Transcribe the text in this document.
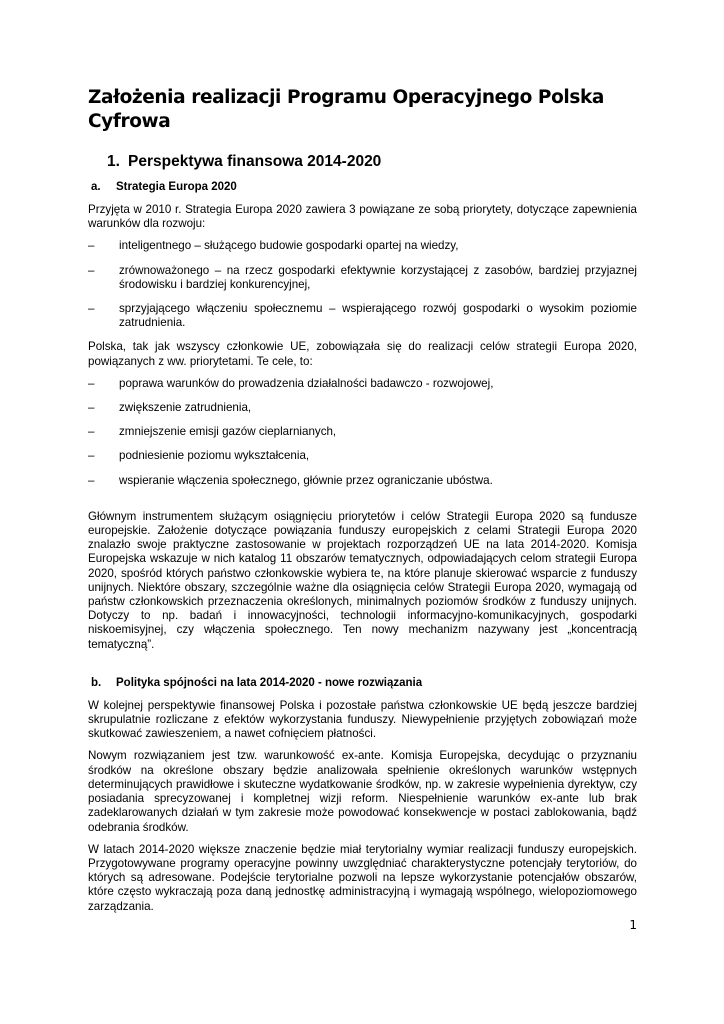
Założenia realizacji Programu Operacyjnego Polska Cyfrowa
1. Perspektywa finansowa 2014-2020
a. Strategia Europa 2020

Przyjęta w 2010 r. Strategia Europa 2020 zawiera 3 powiązane ze sobą priorytety, dotyczące zapewnienia warunków dla rozwoju:

–	inteligentnego – służącego budowie gospodarki opartej na wiedzy,
–	zrównoważonego – na rzecz gospodarki efektywnie korzystającej z zasobów, bardziej przyjaznej środowisku i bardziej konkurencyjnej,
–	sprzyjającego włączeniu społecznemu – wspierającego rozwój gospodarki o wysokim poziomie zatrudnienia.

Polska, tak jak wszyscy członkowie UE, zobowiązała się do realizacji celów strategii Europa 2020, powiązanych z ww. priorytetami. Te cele, to:

–	poprawa warunków do prowadzenia działalności badawczo - rozwojowej,
–	zwiększenie zatrudnienia,
–	zmniejszenie emisji gazów cieplarnianych,
–	podniesienie poziomu wykształcenia,
–	wspieranie włączenia społecznego, głównie przez ograniczanie ubóstwa.

Głównym instrumentem służącym osiągnięciu priorytetów i celów Strategii Europa 2020 są fundusze europejskie. Założenie dotyczące powiązania funduszy europejskich z celami Strategii Europa 2020 znalazło swoje praktyczne zastosowanie w projektach rozporządzeń UE na lata 2014-2020. Komisja Europejska wskazuje w nich katalog 11 obszarów tematycznych, odpowiadających celom strategii Europa 2020, spośród których państwo członkowskie wybiera te, na które planuje skierować wsparcie z funduszy unijnych. Niektóre obszary, szczególnie ważne dla osiągnięcia celów Strategii Europa 2020, wymagają od państw członkowskich przeznaczenia określonych, minimalnych poziomów środków z funduszy unijnych. Dotyczy to np. badań i innowacyjności, technologii informacyjno-komunikacyjnych, gospodarki niskoemisyjnej, czy włączenia społecznego. Ten nowy mechanizm nazywany jest „koncentracją tematyczną”.

b. Polityka spójności na lata 2014-2020 - nowe rozwiązania

W kolejnej perspektywie finansowej Polska i pozostałe państwa członkowskie UE będą jeszcze bardziej skrupulatnie rozliczane z efektów wykorzystania funduszy. Niewypełnienie przyjętych zobowiązań może skutkować zawieszeniem, a nawet cofnięciem płatności.

Nowym rozwiązaniem jest tzw. warunkowość ex-ante. Komisja Europejska, decydując o przyznaniu środków na określone obszary będzie analizowała spełnienie określonych warunków wstępnych determinujących prawidłowe i skuteczne wydatkowanie środków, np. w zakresie wypełnienia dyrektyw, czy posiadania sprecyzowanej i kompletnej wizji reform. Niespełnienie warunków ex-ante lub brak zadeklarowanych działań w tym zakresie może powodować konsekwencje w postaci zablokowania, bądź odebrania środków.

W latach 2014-2020 większe znaczenie będzie miał terytorialny wymiar realizacji funduszy europejskich. Przygotowywane programy operacyjne powinny uwzględniać charakterystyczne potencjały terytoriów, do których są adresowane. Podejście terytorialne pozwoli na lepsze wykorzystanie potencjałów obszarów, które często wykraczają poza daną jednostkę administracyjną i wymagają wspólnego, wielopoziomowego zarządzania.

1
